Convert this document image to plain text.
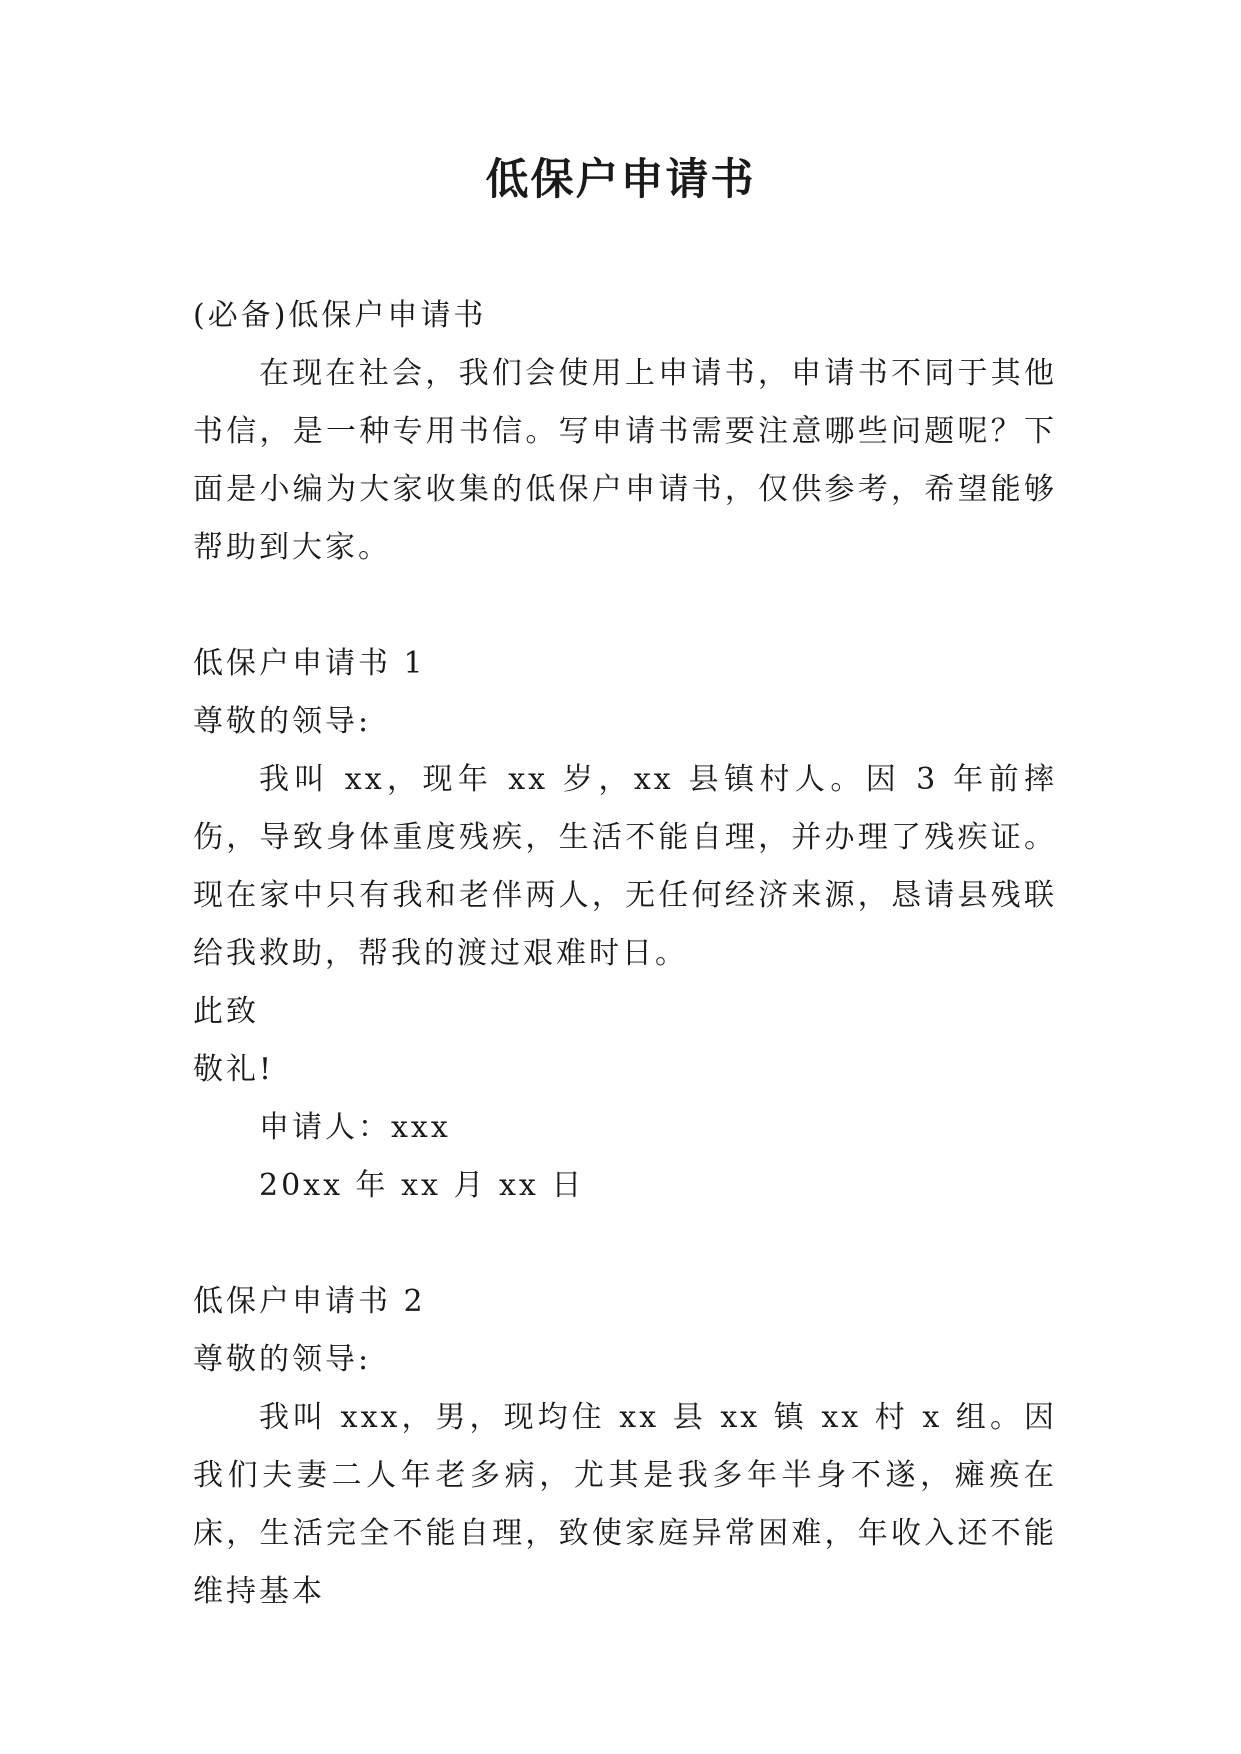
低保户申请书

(必备)低保户申请书

在现在社会，我们会使用上申请书，申请书不同于其他书信，是一种专用书信。写申请书需要注意哪些问题呢？下面是小编为大家收集的低保户申请书，仅供参考，希望能够帮助到大家。

低保户申请书 1

尊敬的领导:

我叫 xx，现年 xx 岁，xx 县镇村人。因 3 年前摔伤，导致身体重度残疾，生活不能自理，并办理了残疾证。现在家中只有我和老伴两人，无任何经济来源，恳请县残联给我救助，帮我的渡过艰难时日。

此致

敬礼!

申请人：xxx

20xx 年 xx 月 xx 日

低保户申请书 2

尊敬的领导:

我叫 xxx，男，现均住 xx 县 xx 镇 xx 村 x 组。因我们夫妻二人年老多病，尤其是我多年半身不遂，瘫痪在床，生活完全不能自理，致使家庭异常困难，年收入还不能维持基本
